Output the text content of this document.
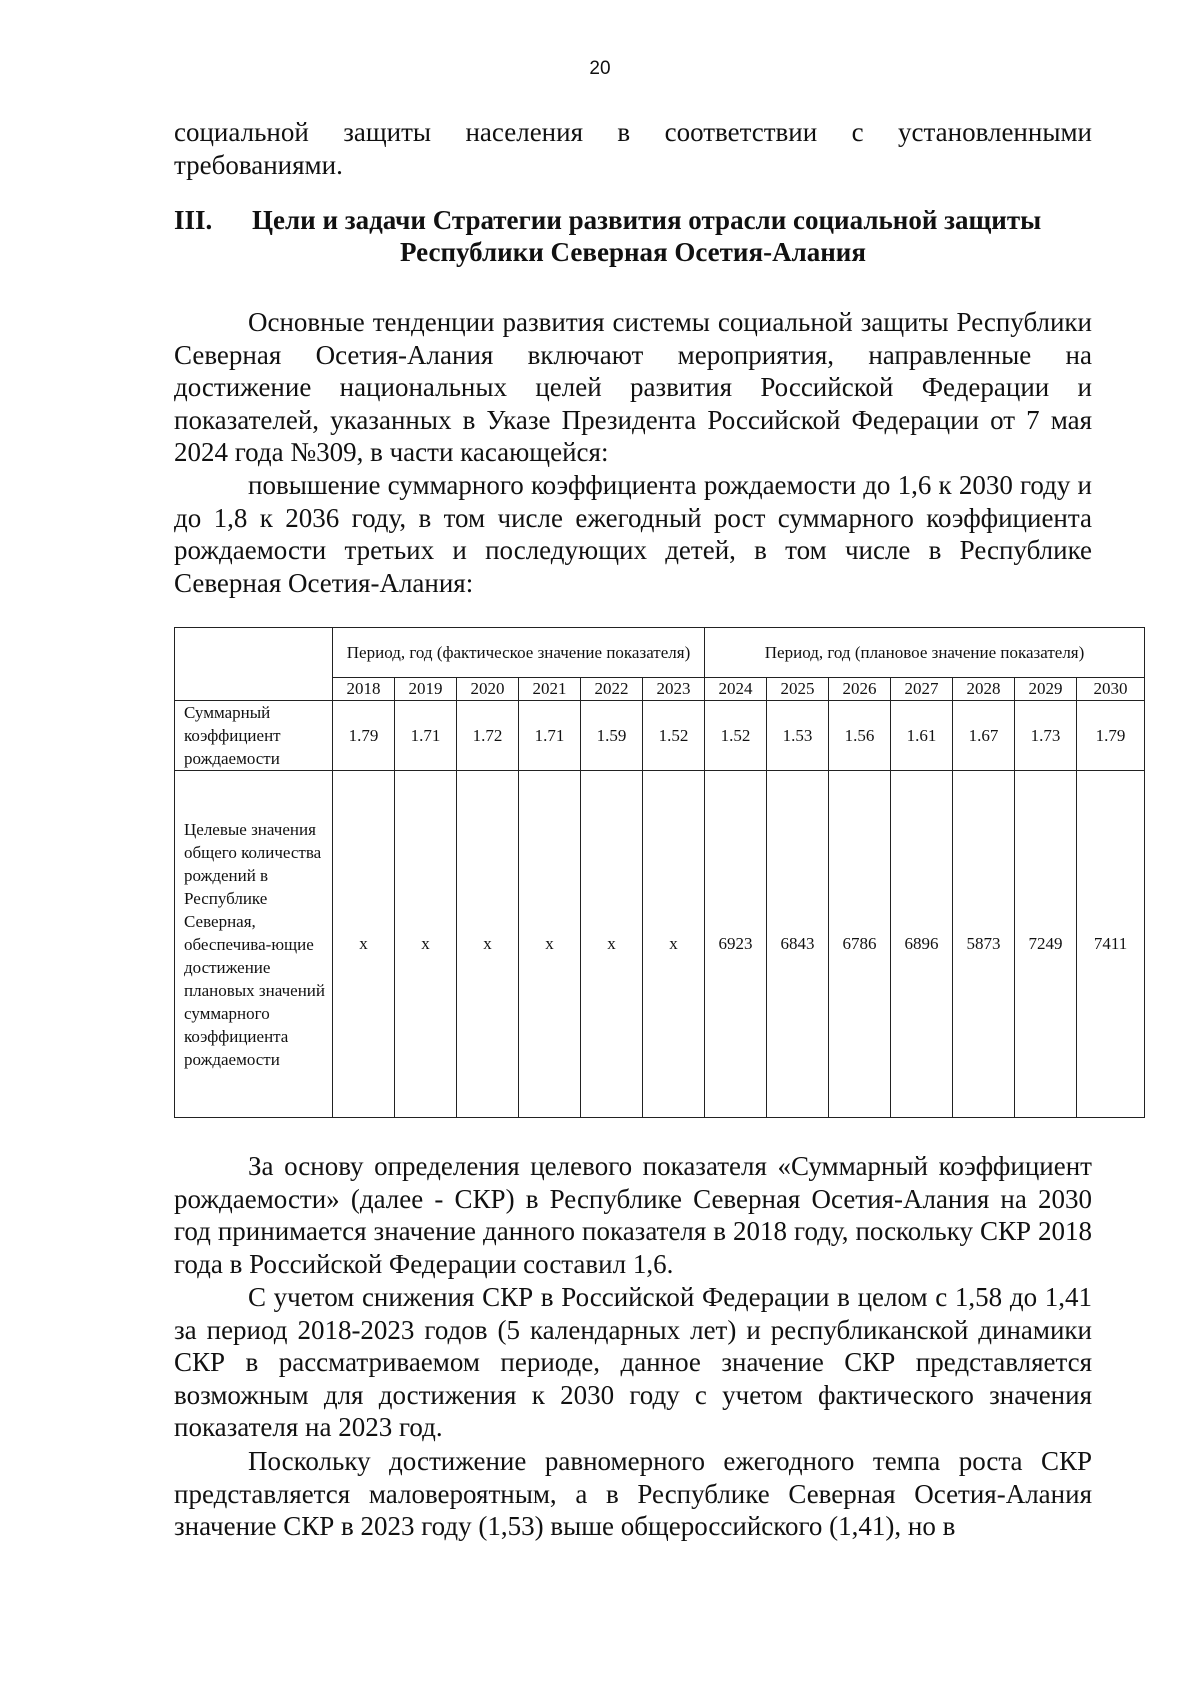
20
социальной защиты населения в соответствии с установленными требованиями.
III. Цели и задачи Стратегии развития отрасли социальной защиты
Республики Северная Осетия-Алания
Основные тенденции развития системы социальной защиты Республики Северная Осетия-Алания включают мероприятия, направленные на достижение национальных целей развития Российской Федерации и показателей, указанных в Указе Президента Российской Федерации от 7 мая 2024 года №309, в части касающейся:
повышение суммарного коэффициента рождаемости до 1,6 к 2030 году и до 1,8 к 2036 году, в том числе ежегодный рост суммарного коэффициента рождаемости третьих и последующих детей, в том числе в Республике Северная Осетия-Алания:
	Период, год (фактическое значение показателя)						Период, год (плановое значение показателя)						
	2018	2019	2020	2021	2022	2023	2024	2025	2026	2027	2028	2029	2030
Суммарный коэффициент рождаемости	1.79	1.71	1.72	1.71	1.59	1.52	1.52	1.53	1.56	1.61	1.67	1.73	1.79
Целевые значения общего количества рождений в Республике Северная, обеспечива-ющие достижение плановых значений суммарного коэффициента рождаемости	x	x	x	x	x	x	6923	6843	6786	6896	5873	7249	7411
За основу определения целевого показателя «Суммарный коэффициент рождаемости» (далее - СКР) в Республике Северная Осетия-Алания на 2030 год принимается значение данного показателя в 2018 году, поскольку СКР 2018 года в Российской Федерации составил 1,6.
С учетом снижения СКР в Российской Федерации в целом с 1,58 до 1,41 за период 2018-2023 годов (5 календарных лет) и республиканской динамики СКР в рассматриваемом периоде, данное значение СКР представляется возможным для достижения к 2030 году с учетом фактического значения показателя на 2023 год.
Поскольку достижение равномерного ежегодного темпа роста СКР представляется маловероятным, а в Республике Северная Осетия-Алания значение СКР в 2023 году (1,53) выше общероссийского (1,41), но в
